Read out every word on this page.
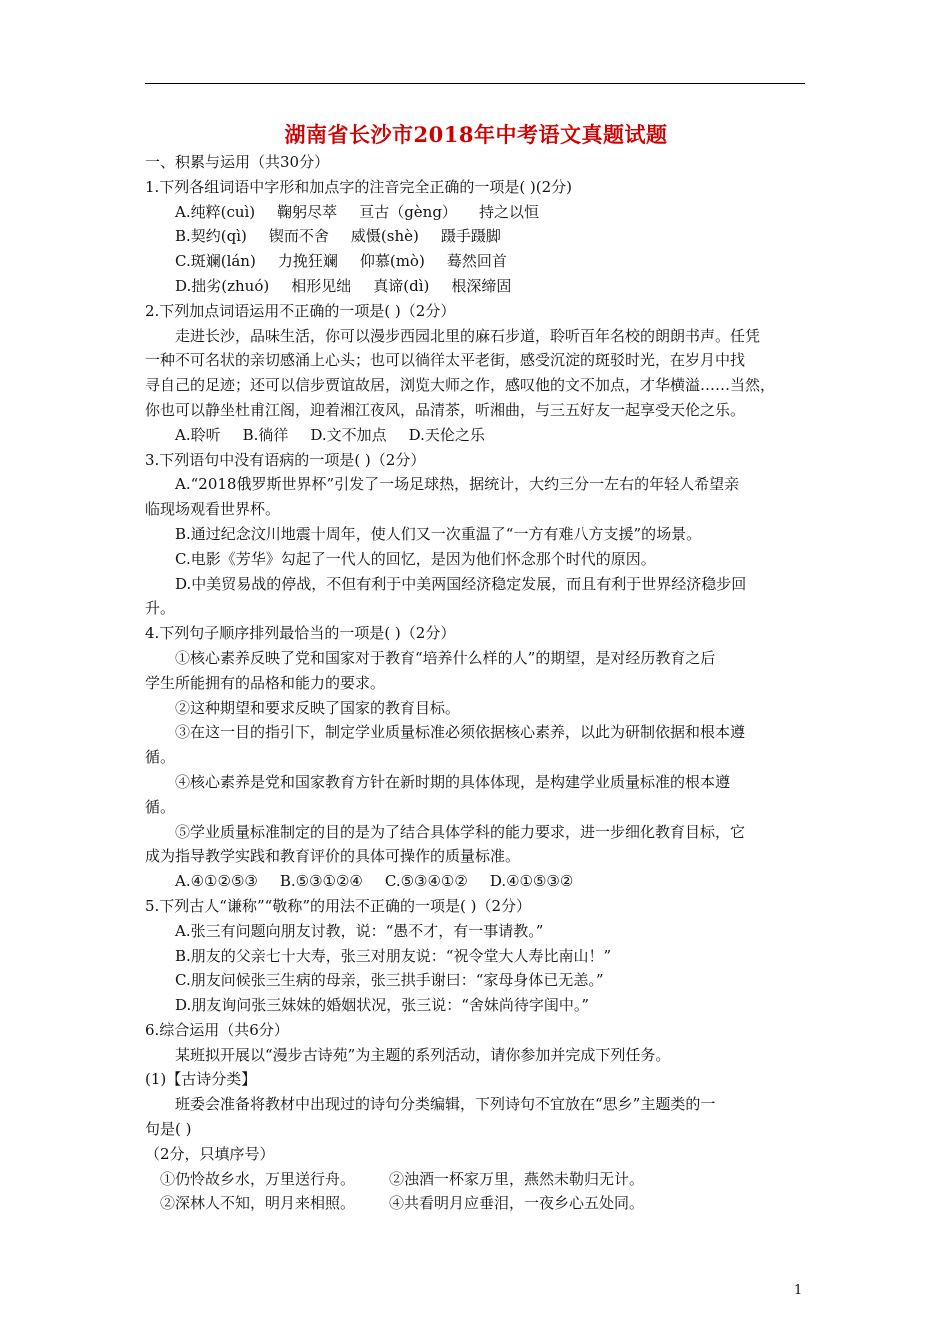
湖南省长沙市2018年中考语文真题试题
一、积累与运用（共30分）
1.下列各组词语中字形和加点字的注音完全正确的一项是( )(2分)
A.纯粹(cuì) 鞠躬尽萃 亘古（gèng） 持之以恒
B.契约(qì) 锲而不舍 威慑(shè) 蹑手蹑脚
C.斑斓(lán) 力挽狂斓 仰慕(mò) 蓦然回首
D.拙劣(zhuó) 相形见绌 真谛(dì) 根深缔固
2.下列加点词语运用不正确的一项是( )（2分）
走进长沙，品味生活，你可以漫步西园北里的麻石步道，聆听百年名校的朗朗书声。任凭
一种不可名状的亲切感涌上心头；也可以徜徉太平老街，感受沉淀的斑驳时光，在岁月中找
寻自己的足迹；还可以信步贾谊故居，浏览大师之作，感叹他的文不加点，才华横溢……当然，
你也可以静坐杜甫江阁，迎着湘江夜风，品清茶，听湘曲，与三五好友一起享受天伦之乐。
A.聆听 B.徜徉 D.文不加点 D.天伦之乐
3.下列语句中没有语病的一项是( )（2分）
A.“2018俄罗斯世界杯”引发了一场足球热，据统计，大约三分一左右的年轻人希望亲
临现场观看世界杯。
B.通过纪念汶川地震十周年，使人们又一次重温了“一方有难八方支援”的场景。
C.电影《芳华》勾起了一代人的回忆，是因为他们怀念那个时代的原因。
D.中美贸易战的停战，不但有利于中美两国经济稳定发展，而且有利于世界经济稳步回
升。
4.下列句子顺序排列最恰当的一项是( )（2分）
①核心素养反映了党和国家对于教育“培养什么样的人”的期望，是对经历教育之后
学生所能拥有的品格和能力的要求。
②这种期望和要求反映了国家的教育目标。
③在这一目的指引下，制定学业质量标准必须依据核心素养，以此为研制依据和根本遵
循。
④核心素养是党和国家教育方针在新时期的具体体现，是构建学业质量标准的根本遵
循。
⑤学业质量标准制定的目的是为了结合具体学科的能力要求，进一步细化教育目标，它
成为指导教学实践和教育评价的具体可操作的质量标准。
A.④①②⑤③ B.⑤③①②④ C.⑤③④①② D.④①⑤③②
5.下列古人“谦称”“敬称”的用法不正确的一项是( )（2分）
A.张三有问题向朋友讨教，说：“愚不才，有一事请教。”
B.朋友的父亲七十大寿，张三对朋友说：“祝令堂大人寿比南山！”
C.朋友问候张三生病的母亲，张三拱手谢曰：“家母身体已无恙。”
D.朋友询问张三妹妹的婚姻状况，张三说：“舍妹尚待字闺中。”
6.综合运用（共6分）
某班拟开展以“漫步古诗苑”为主题的系列活动，请你参加并完成下列任务。
(1)【古诗分类】
班委会准备将教材中出现过的诗句分类编辑，下列诗句不宜放在“思乡”主题类的一
句是( )
（2分，只填序号）
①仍怜故乡水，万里送行舟。 ②浊酒一杯家万里，燕然未勒归无计。
②深林人不知，明月来相照。 ④共看明月应垂泪，一夜乡心五处同。
1
